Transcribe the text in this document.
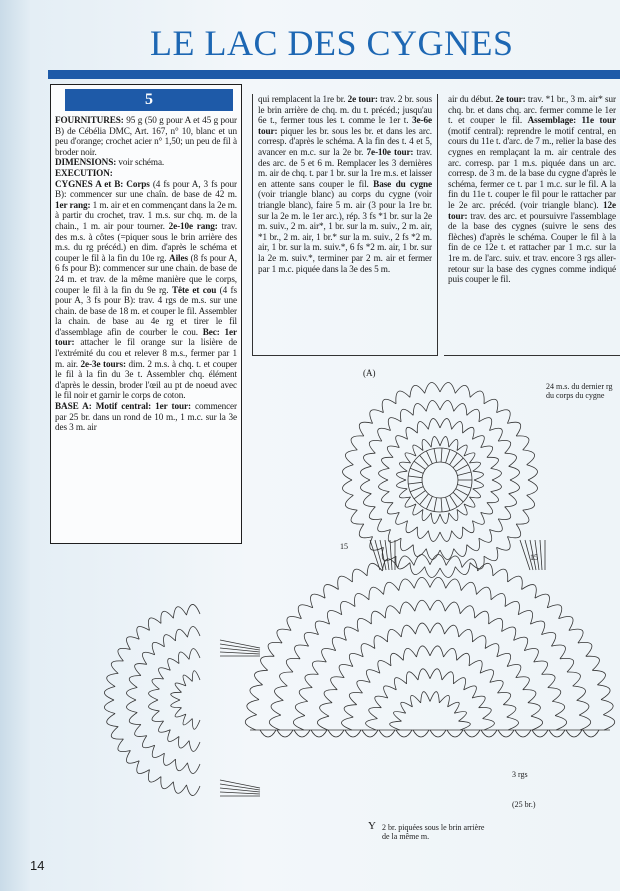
LE LAC DES CYGNES
5

FOURNITURES: 95 g (50 g pour A et 45 g pour B) de Cébélia DMC, Art. 167, n° 10, blanc et un peu d'orange; crochet acier n° 1,50; un peu de fil à broder noir.

DIMENSIONS: voir schéma.

EXECUTION:

CYGNES A et B: Corps (4 fs pour A, 3 fs pour B): commencer sur une chaîn. de base de 42 m. 1er rang: 1 m. air et en commençant dans la 2e m. à partir du crochet, trav. 1 m.s. sur chq. m. de la chain., 1 m. air pour tourner. 2e-10e rang: trav. des m.s. à côtes (=piquer sous le brin arrière des m.s. du rg précéd.) en dim. d'après le schéma et couper le fil à la fin du 10e rg. Ailes (8 fs pour A, 6 fs pour B): commencer sur une chain. de base de 24 m. et trav. de la même manière que le corps, couper le fil à la fin du 9e rg. Tête et cou (4 fs pour A, 3 fs pour B): trav. 4 rgs de m.s. sur une chain. de base de 18 m. et couper le fil. Assembler la chain. de base au 4e rg et tirer le fil d'assemblage afin de courber le cou. Bec: 1er tour: attacher le fil orange sur la lisière de l'extrémité du cou et relever 8 m.s., fermer par 1 m. air. 2e-3e tours: dim. 2 m.s. à chq. t. et couper le fil à la fin du 3e t. Assembler chq. élément d'après le dessin, broder l'œil au pt de noeud avec le fil noir et garnir le corps de coton.

BASE A: Motif central: 1er tour: commencer par 25 br. dans un rond de 10 m., 1 m.c. sur la 3e des 3 m. air

qui remplacent la 1re br. 2e tour: trav. 2 br. sous le brin arrière de chq. m. du t. précéd.; jusqu'au 6e t., fermer tous les t. comme le 1er t. 3e-6e tour: piquer les br. sous les br. et dans les arc. corresp. d'après le schéma. A la fin des t. 4 et 5, avancer en m.c. sur la 2e br. 7e-10e tour: trav. des arc. de 5 et 6 m. Remplacer les 3 dernières m. air de chq. t. par 1 br. sur la 1re m.s. et laisser en attente sans couper le fil. Base du cygne (voir triangle blanc) au corps du cygne (voir triangle blanc), faire 5 m. air (3 pour la 1re br. sur la 2e m. le 1er arc.), rép. 3 fs *1 br. sur la 2e m. suiv., 2 m. air*, 1 br. sur la m. suiv., 2 m. air, *1 br., 2 m. air, 1 br.* sur la m. suiv., 2 fs *2 m. air, 1 br. sur la m. suiv.*, 6 fs *2 m. air, 1 br. sur la 2e m. suiv.*, terminer par 2 m. air et fermer par 1 m.c. piquée dans la 3e des 5 m.

air du début. 2e tour: trav. *1 br., 3 m. air* sur chq. br. et dans chq. arc. fermer comme le 1er t. et couper le fil. Assemblage: 11e tour (motif central): reprendre le motif central, en cours du 11e t. d'arc. de 7 m., relier la base des cygnes en remplaçant la m. air centrale des arc. corresp. par 1 m.s. piquée dans un arc. corresp. de 3 m. de la base du cygne d'après le schéma, fermer ce t. par 1 m.c. sur le fil. A la fin du 11e t. couper le fil pour le rattacher par le 2e arc. précéd. (voir triangle blanc). 12e tour: trav. des arc. et poursuivre l'assemblage de la base des cygnes (suivre le sens des flèches) d'après le schéma. Couper le fil à la fin de ce 12e t. et rattacher par 1 m.c. sur la 1re m. de l'arc. suiv. et trav. encore 3 rgs aller-retour sur la base des cygnes comme indiqué puis couper le fil.

(A)
24 m.s. du dernier rg du corps du cygne
15
15
3 rgs
(25 br.)
Y 2 br. piquées sous le brin arrière de la même m.
14
